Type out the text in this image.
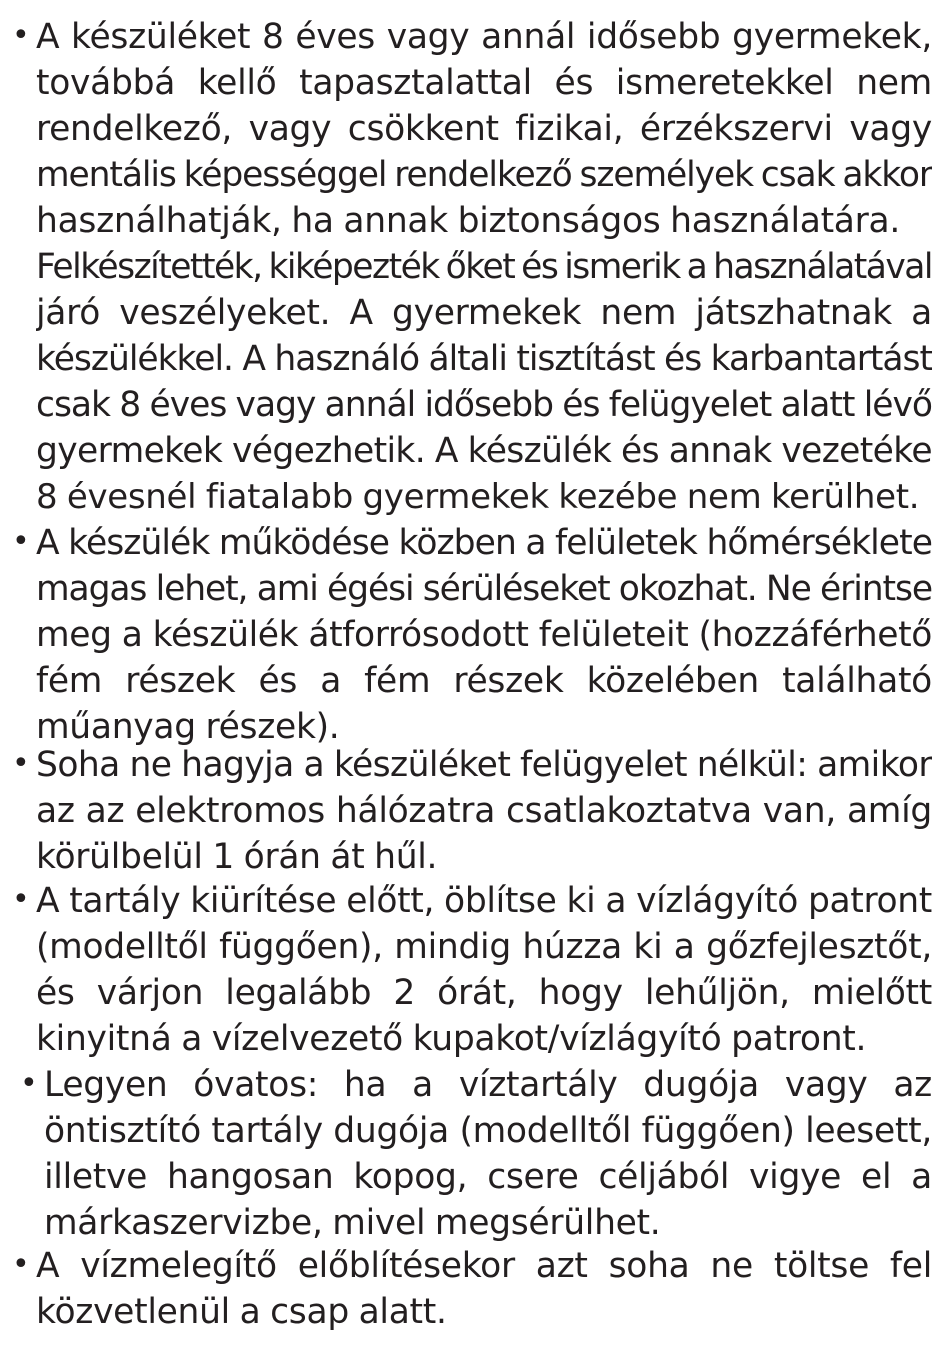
• A készüléket 8 éves vagy annál idősebb gyermekek,
továbbá kellő tapasztalattal és ismeretekkel nem
rendelkező, vagy csökkent fizikai, érzékszervi vagy
mentális képességgel rendelkező személyek csak akkor
használhatják, ha annak biztonságos használatára.
Felkészítették, kiképezték őket és ismerik a használatával
járó veszélyeket. A gyermekek nem játszhatnak a
készülékkel. A használó általi tisztítást és karbantartást
csak 8 éves vagy annál idősebb és felügyelet alatt lévő
gyermekek végezhetik. A készülék és annak vezetéke
8 évesnél fiatalabb gyermekek kezébe nem kerülhet.
• A készülék működése közben a felületek hőmérséklete
magas lehet, ami égési sérüléseket okozhat. Ne érintse
meg a készülék átforrósodott felületeit (hozzáférhető
fém részek és a fém részek közelében található
műanyag részek).
• Soha ne hagyja a készüléket felügyelet nélkül: amikor
az az elektromos hálózatra csatlakoztatva van, amíg
körülbelül 1 órán át hűl.
• A tartály kiürítése előtt, öblítse ki a vízlágyító patront
(modelltől függően), mindig húzza ki a gőzfejlesztőt,
és várjon legalább 2 órát, hogy lehűljön, mielőtt
kinyitná a vízelvezető kupakot/vízlágyító patront.
• Legyen óvatos: ha a víztartály dugója vagy az
öntisztító tartály dugója (modelltől függően) leesett,
illetve hangosan kopog, csere céljából vigye el a
márkaszervizbe, mivel megsérülhet.
• A vízmelegítő előblítésekor azt soha ne töltse fel
közvetlenül a csap alatt.
